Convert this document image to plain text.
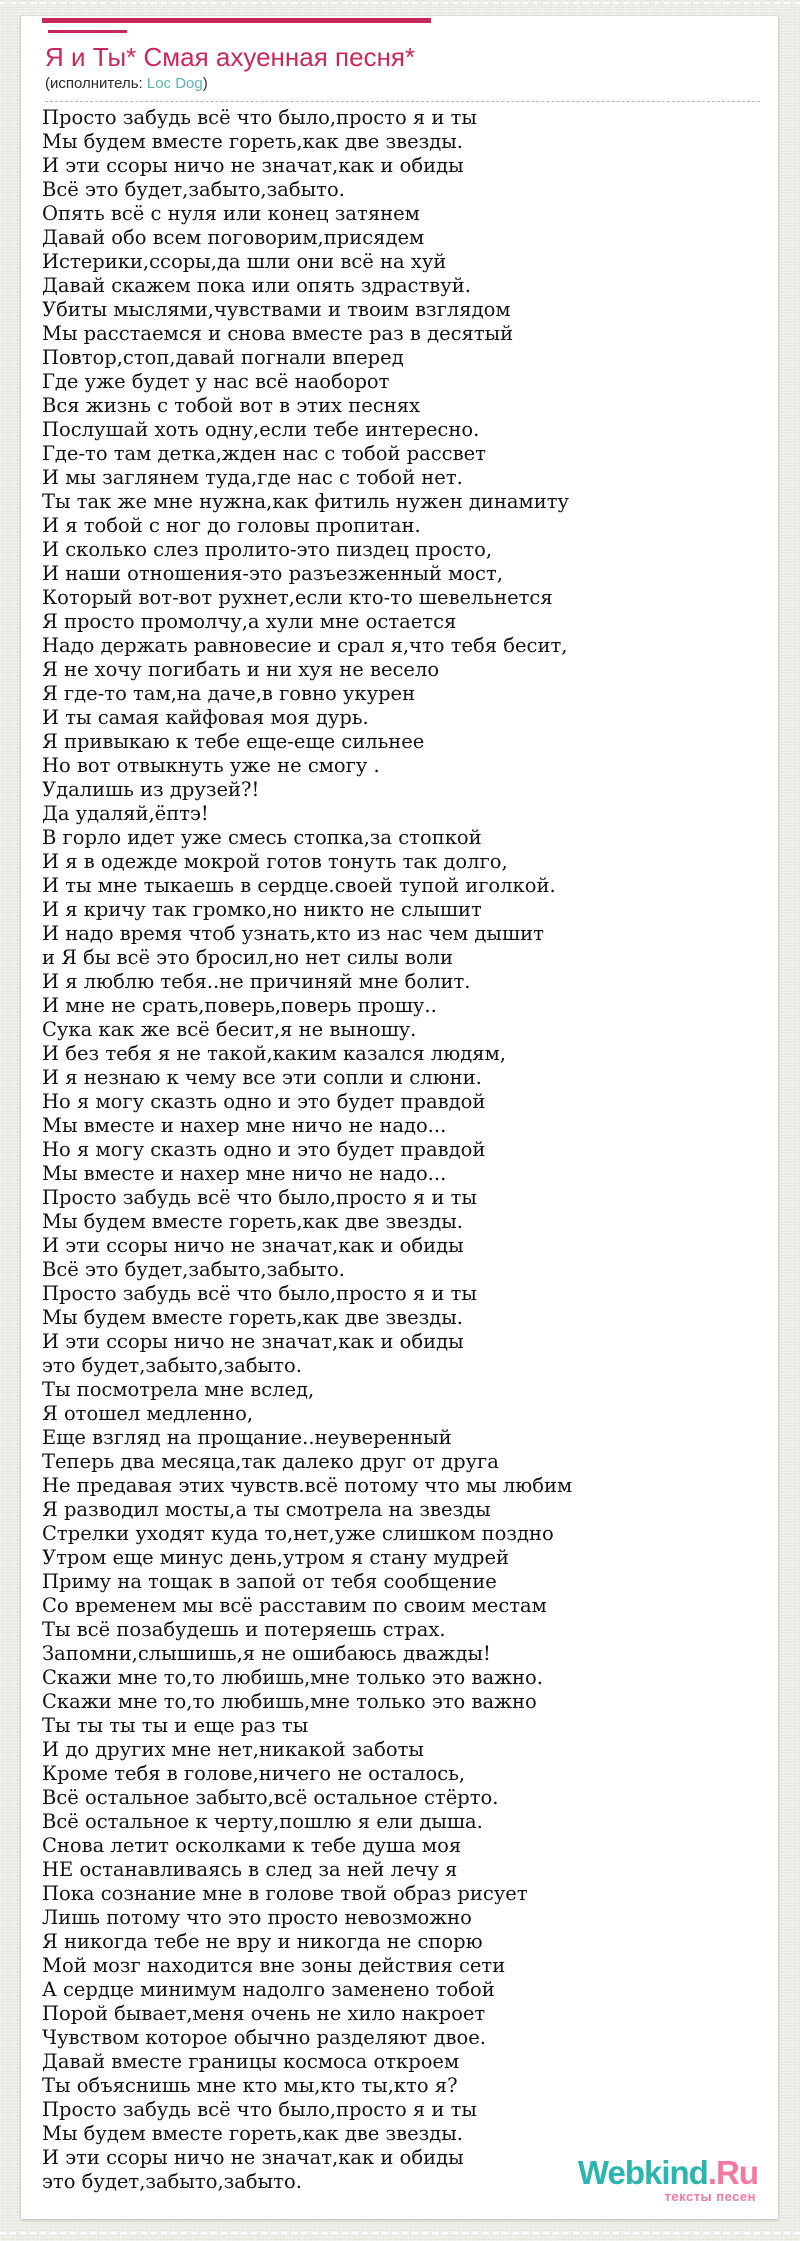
Я и Ты* Смая ахуенная песня*
(исполнитель: Loc Dog)
Просто забудь всё что было,просто я и ты
Мы будем вместе гореть,как две звезды.
И эти ссоры ничо не значат,как и обиды
Всё это будет,забыто,забыто.
Опять всё с нуля или конец затянем
Давай обо всем поговорим,присядем
Истерики,ссоры,да шли они всё на хуй
Давай скажем пока или опять здраствуй.
Убиты мыслями,чувствами и твоим взглядом
Мы расстаемся и снова вместе раз в десятый
Повтор,стоп,давай погнали вперед
Где уже будет у нас всё наоборот
Вся жизнь с тобой вот в этих песнях
Послушай хоть одну,если тебе интересно.
Где-то там детка,жден нас с тобой рассвет
И мы заглянем туда,где нас с тобой нет.
Ты так же мне нужна,как фитиль нужен динамиту
И я тобой с ног до головы пропитан.
И сколько слез пролито-это пиздец просто,
И наши отношения-это разъезженный мост,
Который вот-вот рухнет,если кто-то шевельнется
Я просто промолчу,а хули мне остается
Надо держать равновесие и срал я,что тебя бесит,
Я не хочу погибать и ни хуя не весело
Я где-то там,на даче,в говно укурен
И ты самая кайфовая моя дурь.
Я привыкаю к тебе еще-еще сильнее
Но вот отвыкнуть уже не смогу .
Удалишь из друзей?!
Да удаляй,ёптэ!
В горло идет уже смесь стопка,за стопкой
И я в одежде мокрой готов тонуть так долго,
И ты мне тыкаешь в сердце.своей тупой иголкой.
И я кричу так громко,но никто не слышит
И надо время чтоб узнать,кто из нас чем дышит
и Я бы всё это бросил,но нет силы воли
И я люблю тебя..не причиняй мне болит.
И мне не срать,поверь,поверь прошу..
Сука как же всё бесит,я не выношу.
И без тебя я не такой,каким казался людям,
И я незнаю к чему все эти сопли и слюни.
Но я могу сказть одно и это будет правдой
Мы вместе и нахер мне ничо не надо...
Но я могу сказть одно и это будет правдой
Мы вместе и нахер мне ничо не надо...
Просто забудь всё что было,просто я и ты
Мы будем вместе гореть,как две звезды.
И эти ссоры ничо не значат,как и обиды
Всё это будет,забыто,забыто.
Просто забудь всё что было,просто я и ты
Мы будем вместе гореть,как две звезды.
И эти ссоры ничо не значат,как и обиды
это будет,забыто,забыто.
Ты посмотрела мне вслед,
Я отошел медленно,
Еще взгляд на прощание..неуверенный
Теперь два месяца,так далеко друг от друга
Не предавая этих чувств.всё потому что мы любим
Я разводил мосты,а ты смотрела на звезды
Стрелки уходят куда то,нет,уже слишком поздно
Утром еще минус день,утром я стану мудрей
Приму на тощак в запой от тебя сообщение
Со временем мы всё расставим по своим местам
Ты всё позабудешь и потеряешь страх.
Запомни,слышишь,я не ошибаюсь дважды!
Скажи мне то,то любишь,мне только это важно.
Скажи мне то,то любишь,мне только это важно
Ты ты ты ты и еще раз ты
И до других мне нет,никакой заботы
Кроме тебя в голове,ничего не осталось,
Всё остальное забыто,всё остальное стёрто.
Всё остальное к черту,пошлю я ели дыша.
Снова летит осколками к тебе душа моя
НЕ останавливаясь в след за ней лечу я
Пока сознание мне в голове твой образ рисует
Лишь потому что это просто невозможно
Я никогда тебе не вру и никогда не спорю
Мой мозг находится вне зоны действия сети
А сердце минимум надолго заменено тобой
Порой бывает,меня очень не хило накроет
Чувством которое обычно разделяют двое.
Давай вместе границы космоса откроем
Ты объяснишь мне кто мы,кто ты,кто я?
Просто забудь всё что было,просто я и ты
Мы будем вместе гореть,как две звезды.
И эти ссоры ничо не значат,как и обиды
это будет,забыто,забыто.	Webkind.Ru
тексты песен
